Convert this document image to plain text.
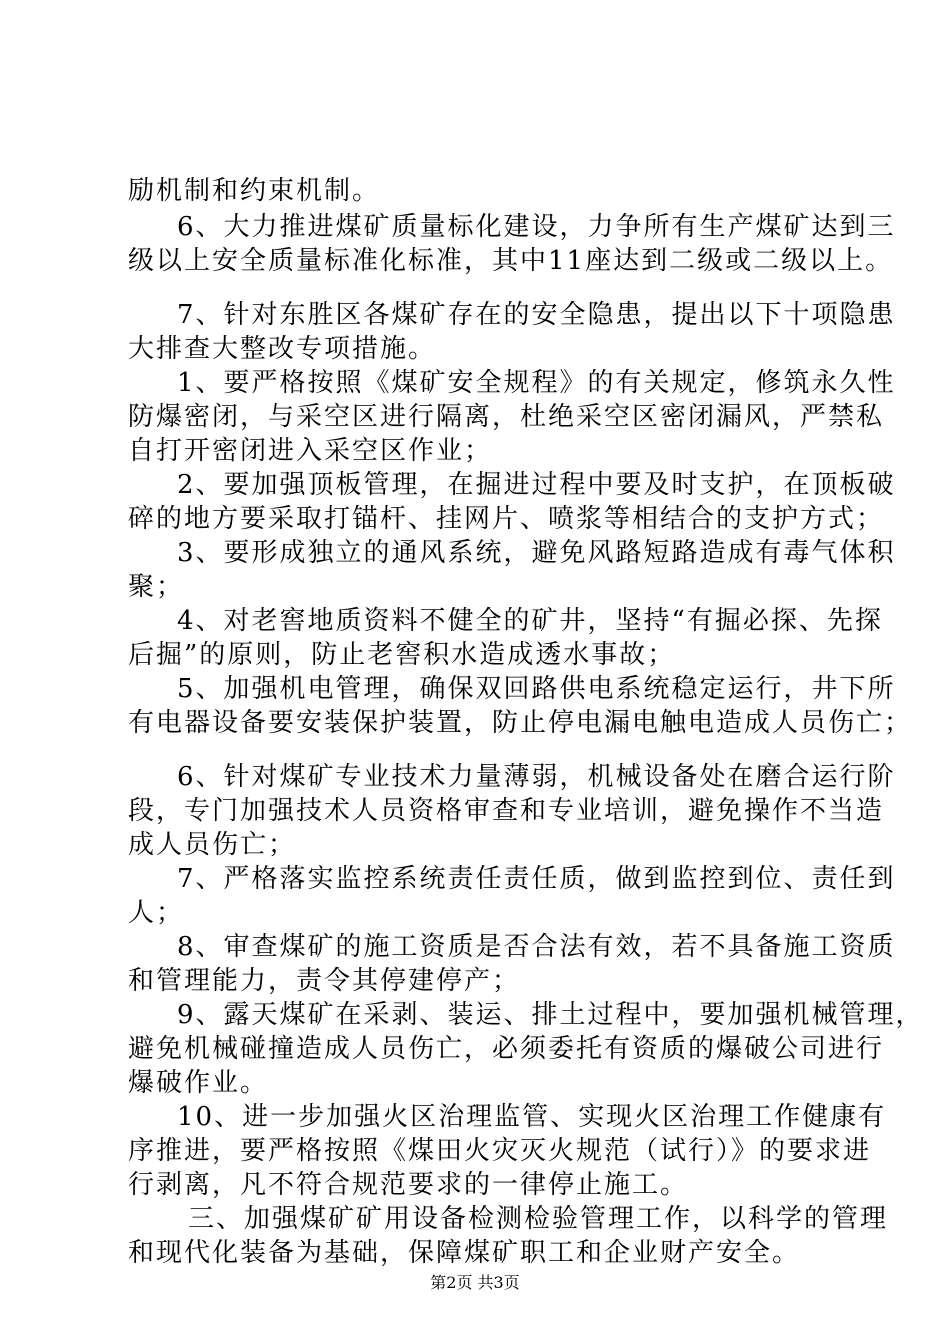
励机制和约束机制。
6、大力推进煤矿质量标化建设，力争所有生产煤矿达到三
级以上安全质量标准化标准，其中11座达到二级或二级以上。
7、针对东胜区各煤矿存在的安全隐患，提出以下十项隐患
大排查大整改专项措施。
1、要严格按照《煤矿安全规程》的有关规定，修筑永久性
防爆密闭，与采空区进行隔离，杜绝采空区密闭漏风，严禁私
自打开密闭进入采空区作业；
2、要加强顶板管理，在掘进过程中要及时支护，在顶板破
碎的地方要采取打锚杆、挂网片、喷浆等相结合的支护方式；
3、要形成独立的通风系统，避免风路短路造成有毒气体积
聚；
4、对老窖地质资料不健全的矿井，坚持“有掘必探、先探
后掘”的原则，防止老窖积水造成透水事故；
5、加强机电管理，确保双回路供电系统稳定运行，井下所
有电器设备要安装保护装置，防止停电漏电触电造成人员伤亡；
6、针对煤矿专业技术力量薄弱，机械设备处在磨合运行阶
段，专门加强技术人员资格审查和专业培训，避免操作不当造
成人员伤亡；
7、严格落实监控系统责任责任质，做到监控到位、责任到
人；
8、审查煤矿的施工资质是否合法有效，若不具备施工资质
和管理能力，责令其停建停产；
9、露天煤矿在采剥、装运、排土过程中，要加强机械管理，
避免机械碰撞造成人员伤亡，必须委托有资质的爆破公司进行
爆破作业。
10、进一步加强火区治理监管、实现火区治理工作健康有
序推进，要严格按照《煤田火灾灭火规范（试行）》的要求进
行剥离，凡不符合规范要求的一律停止施工。
三、加强煤矿矿用设备检测检验管理工作，以科学的管理
和现代化装备为基础，保障煤矿职工和企业财产安全。
第2页 共3页
